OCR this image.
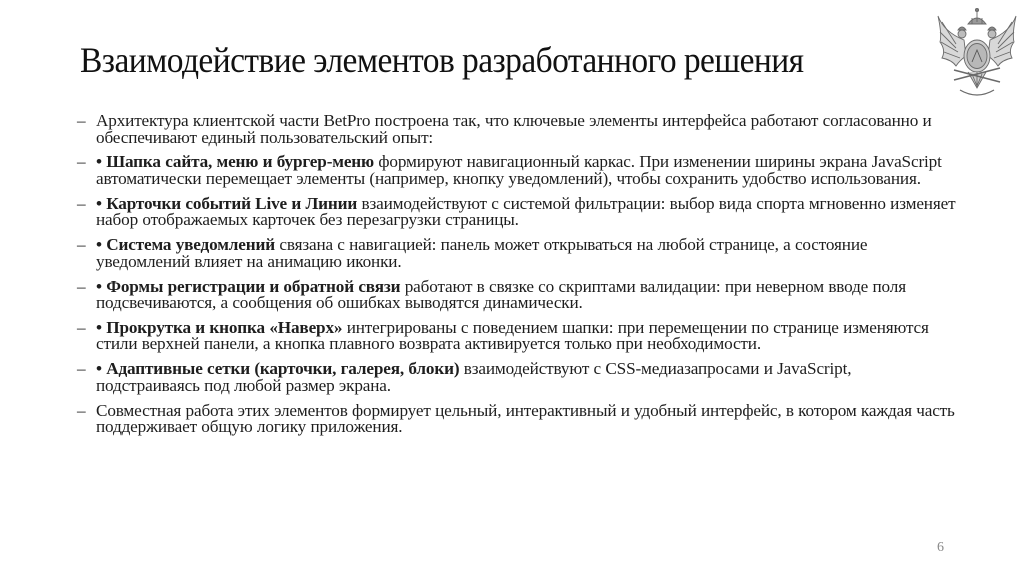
Взаимодействие элементов разработанного решения
– Архитектура клиентской части BetPro построена так, что ключевые элементы интерфейса работают согласованно и обеспечивают единый пользовательский опыт:
– • Шапка сайта, меню и бургер-меню формируют навигационный каркас. При изменении ширины экрана JavaScript автоматически перемещает элементы (например, кнопку уведомлений), чтобы сохранить удобство использования.
– • Карточки событий Live и Линии взаимодействуют с системой фильтрации: выбор вида спорта мгновенно изменяет набор отображаемых карточек без перезагрузки страницы.
– • Система уведомлений связана с навигацией: панель может открываться на любой странице, а состояние уведомлений влияет на анимацию иконки.
– • Формы регистрации и обратной связи работают в связке со скриптами валидации: при неверном вводе поля подсвечиваются, а сообщения об ошибках выводятся динамически.
– • Прокрутка и кнопка «Наверх» интегрированы с поведением шапки: при перемещении по странице изменяются стили верхней панели, а кнопка плавного возврата активируется только при необходимости.
– • Адаптивные сетки (карточки, галерея, блоки) взаимодействуют с CSS-медиазапросами и JavaScript, подстраиваясь под любой размер экрана.
– Совместная работа этих элементов формирует цельный, интерактивный и удобный интерфейс, в котором каждая часть поддерживает общую логику приложения.
6
